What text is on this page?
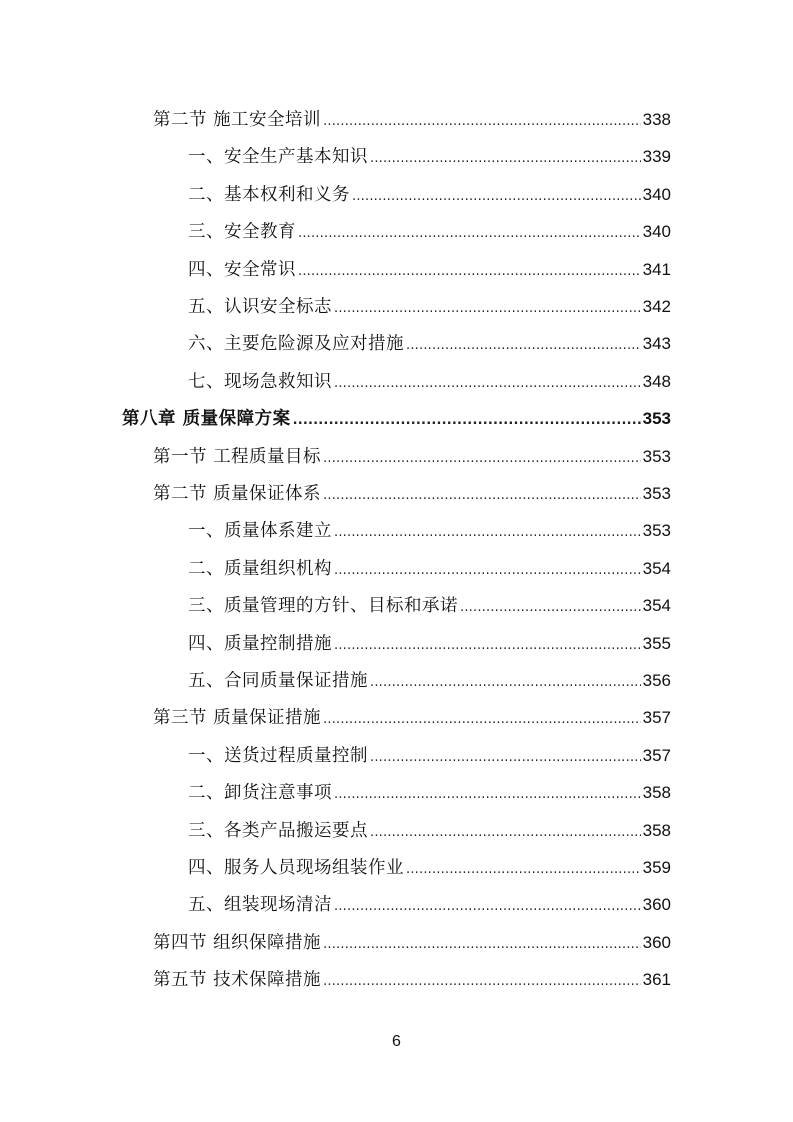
第二节 施工安全培训 .....	338
一、安全生产基本知识 .....	339
二、基本权利和义务 .....	340
三、安全教育 .....	340
四、安全常识 .....	341
五、认识安全标志 .....	342
六、主要危险源及应对措施 .....	343
七、现场急救知识 .....	348
第八章 质量保障方案 .....	353
第一节 工程质量目标 .....	353
第二节 质量保证体系 .....	353
一、质量体系建立 .....	353
二、质量组织机构 .....	354
三、质量管理的方针、目标和承诺 .....	354
四、质量控制措施 .....	355
五、合同质量保证措施 .....	356
第三节 质量保证措施 .....	357
一、送货过程质量控制 .....	357
二、卸货注意事项 .....	358
三、各类产品搬运要点 .....	358
四、服务人员现场组装作业 .....	359
五、组装现场清洁 .....	360
第四节 组织保障措施 .....	360
第五节 技术保障措施 .....	361
6
